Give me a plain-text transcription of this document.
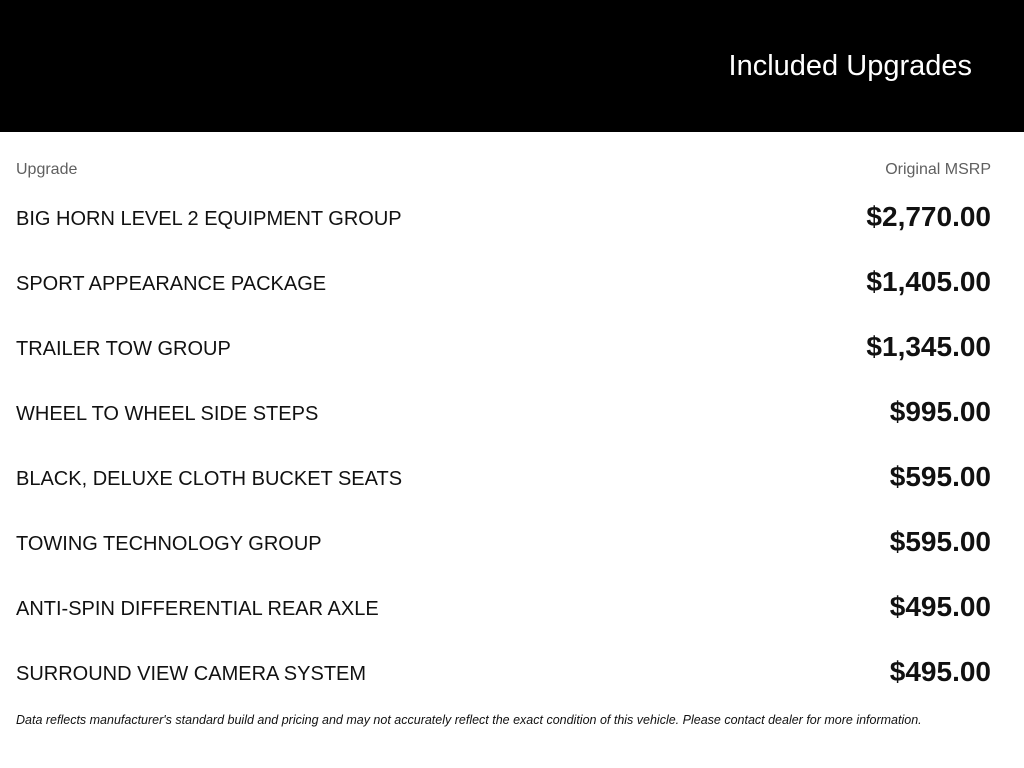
Included Upgrades
Upgrade	Original MSRP
BIG HORN LEVEL 2 EQUIPMENT GROUP	$2,770.00
SPORT APPEARANCE PACKAGE	$1,405.00
TRAILER TOW GROUP	$1,345.00
WHEEL TO WHEEL SIDE STEPS	$995.00
BLACK, DELUXE CLOTH BUCKET SEATS	$595.00
TOWING TECHNOLOGY GROUP	$595.00
ANTI-SPIN DIFFERENTIAL REAR AXLE	$495.00
SURROUND VIEW CAMERA SYSTEM	$495.00
Data reflects manufacturer's standard build and pricing and may not accurately reflect the exact condition of this vehicle. Please contact dealer for more information.
